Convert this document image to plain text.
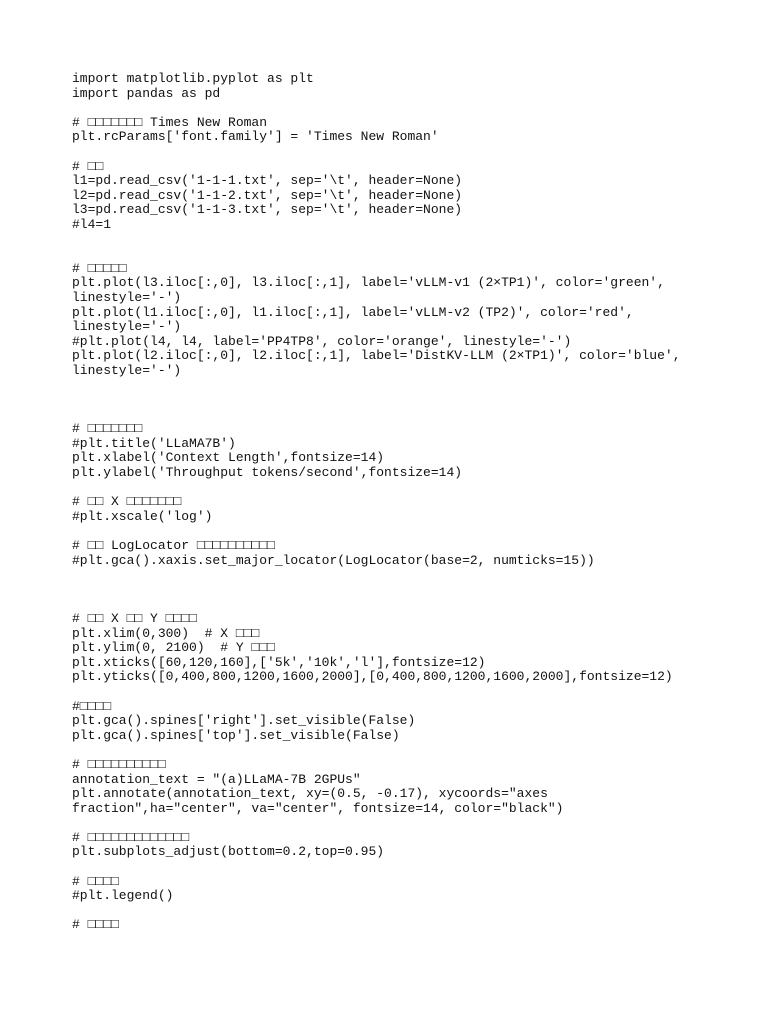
import matplotlib.pyplot as plt
import pandas as pd
# □□□□□□□ Times New Roman
plt.rcParams['font.family'] = 'Times New Roman'
# □□
l1=pd.read_csv('1-1-1.txt', sep='\t', header=None)
l2=pd.read_csv('1-1-2.txt', sep='\t', header=None)
l3=pd.read_csv('1-1-3.txt', sep='\t', header=None)
#l4=1
# □□□□□
plt.plot(l3.iloc[:,0], l3.iloc[:,1], label='vLLM-v1 (2×TP1)', color='green',
linestyle='-')
plt.plot(l1.iloc[:,0], l1.iloc[:,1], label='vLLM-v2 (TP2)', color='red',
linestyle='-')
#plt.plot(l4, l4, label='PP4TP8', color='orange', linestyle='-')
plt.plot(l2.iloc[:,0], l2.iloc[:,1], label='DistKV-LLM (2×TP1)', color='blue',
linestyle='-')
# □□□□□□□
#plt.title('LLaMA7B')
plt.xlabel('Context Length',fontsize=14)
plt.ylabel('Throughput tokens/second',fontsize=14)
# □□ X □□□□□□□
#plt.xscale('log')
# □□ LogLocator □□□□□□□□□□
#plt.gca().xaxis.set_major_locator(LogLocator(base=2, numticks=15))
# □□ X □□ Y □□□□
plt.xlim(0,300)  # X □□□
plt.ylim(0, 2100)  # Y □□□
plt.xticks([60,120,160],['5k','10k','l'],fontsize=12)
plt.yticks([0,400,800,1200,1600,2000],[0,400,800,1200,1600,2000],fontsize=12)
#□□□□
plt.gca().spines['right'].set_visible(False)
plt.gca().spines['top'].set_visible(False)
# □□□□□□□□□□
annotation_text = "(a)LLaMA-7B 2GPUs"
plt.annotate(annotation_text, xy=(0.5, -0.17), xycoords="axes
fraction",ha="center", va="center", fontsize=14, color="black")
# □□□□□□□□□□□□□
plt.subplots_adjust(bottom=0.2,top=0.95)
# □□□□
#plt.legend()
# □□□□
